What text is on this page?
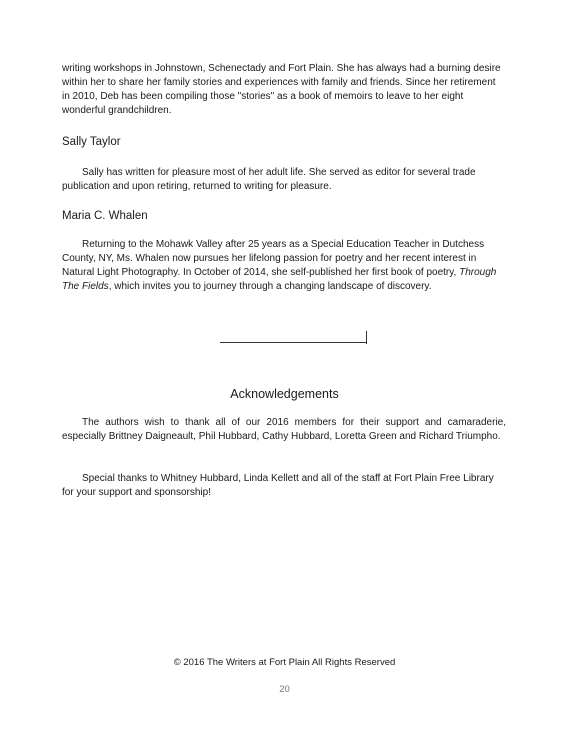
writing workshops in Johnstown, Schenectady and Fort Plain. She has always had a burning desire within her to share her family stories and experiences with family and friends. Since her retirement in 2010, Deb has been compiling those "stories" as a book of memoirs to leave to her eight wonderful grandchildren.

Sally Taylor

Sally has written for pleasure most of her adult life. She served as editor for several trade publication and upon retiring, returned to writing for pleasure.

Maria C. Whalen

Returning to the Mohawk Valley after 25 years as a Special Education Teacher in Dutchess County, NY, Ms. Whalen now pursues her lifelong passion for poetry and her recent interest in Natural Light Photography. In October of 2014, she self-published her first book of poetry, Through The Fields, which invites you to journey through a changing landscape of discovery.

Acknowledgements

The authors wish to thank all of our 2016 members for their support and camaraderie, especially Brittney Daigneault, Phil Hubbard, Cathy Hubbard, Loretta Green and Richard Triumpho.

Special thanks to Whitney Hubbard, Linda Kellett and all of the staff at Fort Plain Free Library for your support and sponsorship!

© 2016 The Writers at Fort Plain All Rights Reserved

20
